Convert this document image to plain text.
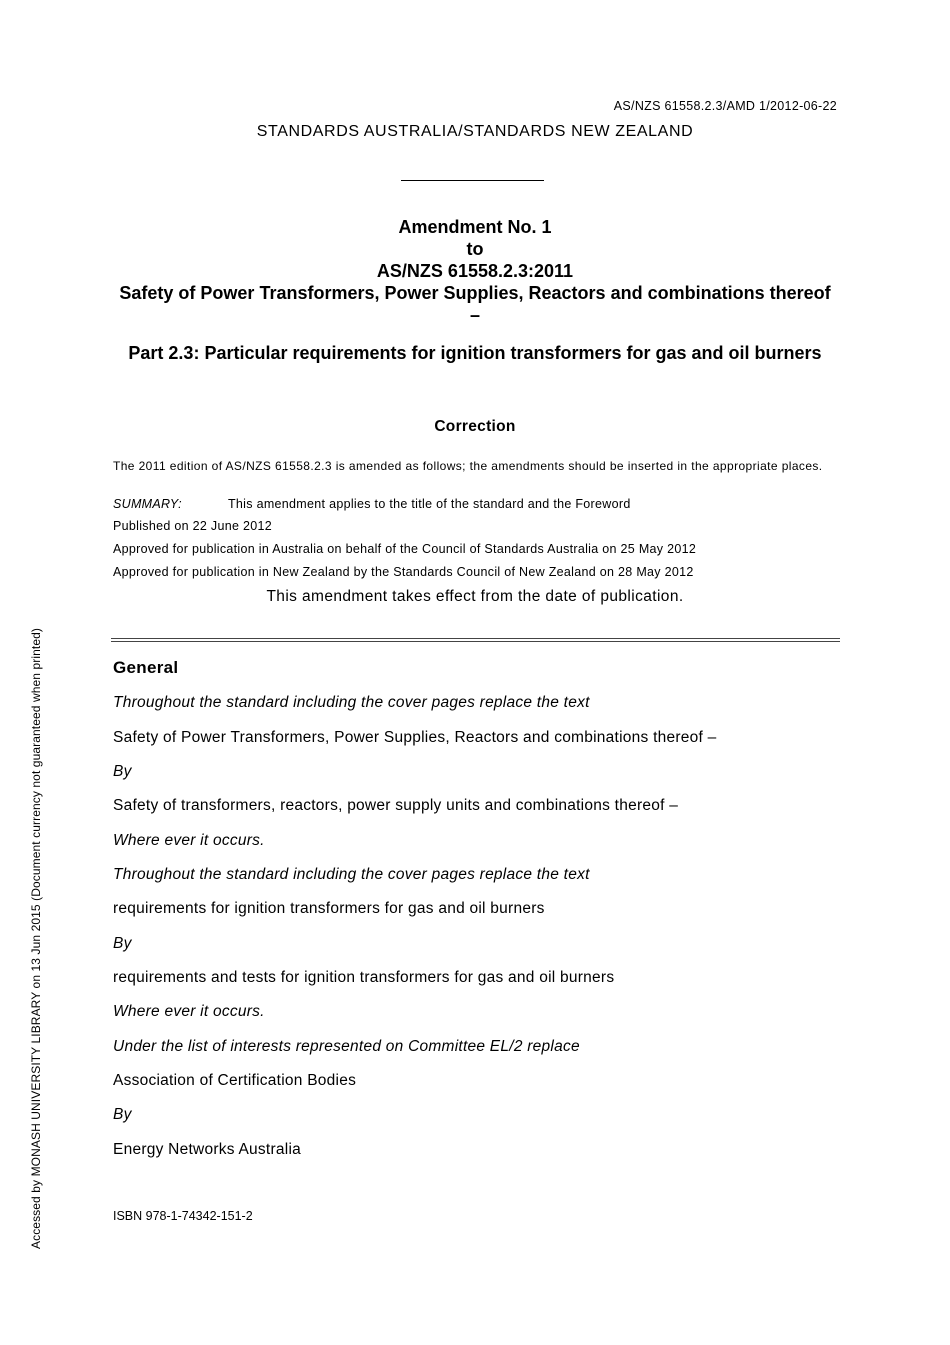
AS/NZS 61558.2.3/AMD 1/2012-06-22
STANDARDS AUSTRALIA/STANDARDS NEW ZEALAND
Amendment No. 1
to
AS/NZS 61558.2.3:2011
Safety of Power Transformers, Power Supplies, Reactors and combinations thereof –
Part 2.3: Particular requirements for ignition transformers for gas and oil burners
Correction
The 2011 edition of AS/NZS 61558.2.3 is amended as follows; the amendments should be inserted in the appropriate places.
SUMMARY:	This amendment applies to the title of the standard and the Foreword
Published on 22 June 2012
Approved for publication in Australia on behalf of the Council of Standards Australia on 25 May 2012
Approved for publication in New Zealand by the Standards Council of New Zealand on 28 May 2012
This amendment takes effect from the date of publication.
General
Throughout the standard including the cover pages replace the text
Safety of Power Transformers, Power Supplies, Reactors and combinations thereof –
By
Safety of transformers, reactors, power supply units and combinations thereof –
Where ever it occurs.
Throughout the standard including the cover pages replace the text
requirements for ignition transformers for gas and oil burners
By
requirements and tests for ignition transformers for gas and oil burners
Where ever it occurs.
Under the list of interests represented on Committee EL/2 replace
Association of Certification Bodies
By
Energy Networks Australia
ISBN 978-1-74342-151-2
Accessed by MONASH UNIVERSITY LIBRARY on 13 Jun 2015 (Document currency not guaranteed when printed)
